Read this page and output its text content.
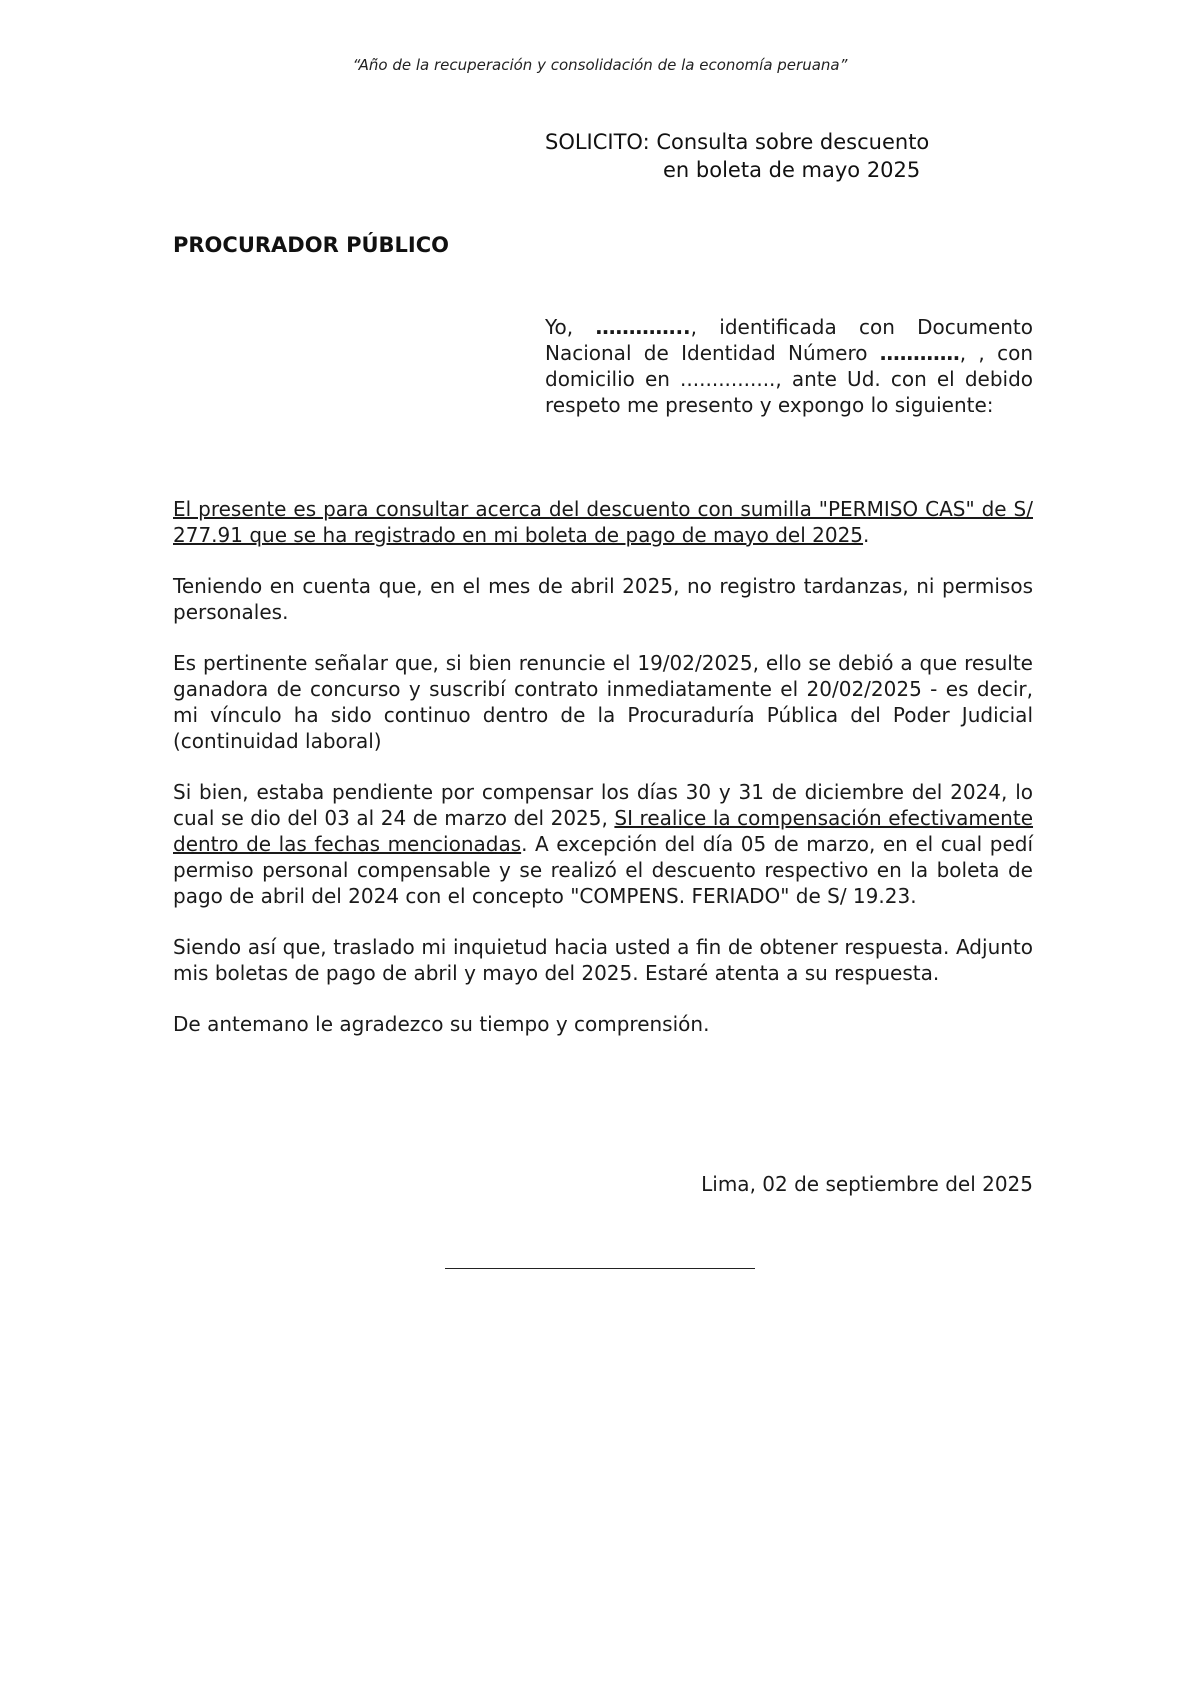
“Año de la recuperación y consolidación de la economía peruana”
SOLICITO: Consulta sobre descuento
en boleta de mayo 2025
PROCURADOR PÚBLICO
Yo, ………….., identificada con Documento Nacional de Identidad Número …………, , con domicilio en ..............., ante Ud. con el debido respeto me presento y expongo lo siguiente:

El presente es para consultar acerca del descuento con sumilla "PERMISO CAS" de S/ 277.91 que se ha registrado en mi boleta de pago de mayo del 2025.

Teniendo en cuenta que, en el mes de abril 2025, no registro tardanzas, ni permisos personales.

Es pertinente señalar que, si bien renuncie el 19/02/2025, ello se debió a que resulte ganadora de concurso y suscribí contrato inmediatamente el 20/02/2025 - es decir, mi vínculo ha sido continuo dentro de la Procuraduría Pública del Poder Judicial (continuidad laboral)

Si bien, estaba pendiente por compensar los días 30 y 31 de diciembre del 2024, lo cual se dio del 03 al 24 de marzo del 2025, SI realice la compensación efectivamente dentro de las fechas mencionadas. A excepción del día 05 de marzo, en el cual pedí permiso personal compensable y se realizó el descuento respectivo en la boleta de pago de abril del 2024 con el concepto "COMPENS. FERIADO" de S/ 19.23.

Siendo así que, traslado mi inquietud hacia usted a fin de obtener respuesta. Adjunto mis boletas de pago de abril y mayo del 2025. Estaré atenta a su respuesta.

De antemano le agradezco su tiempo y comprensión.

Lima, 02 de septiembre del 2025
